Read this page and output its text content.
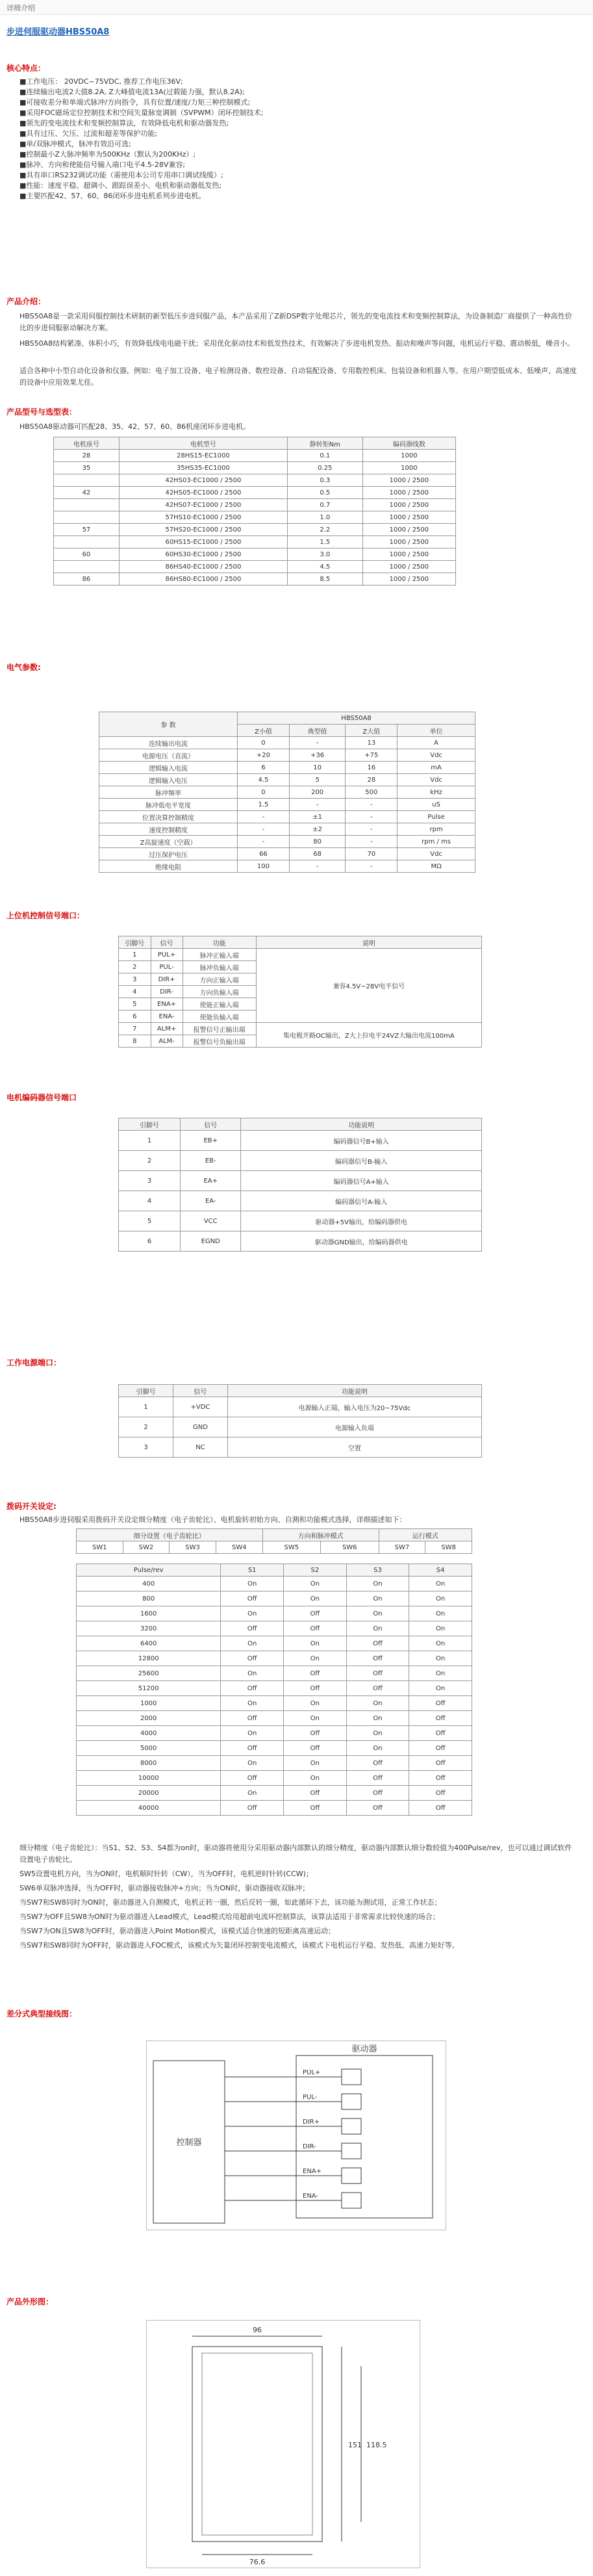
详细介绍
步进伺服驱动器HBS50A8
核心特点：
■工作电压： 20VDC~75VDC, 推荐工作电压36V;
■连续输出电流2大值8.2A, Z大峰值电流13A(过载能力强，默认8.2A);
■可接收差分和单端式脉冲/方向指令，具有位置/速度/力矩三种控制模式;
■采用FOC磁场定位控制技术和空间矢量脉宽调制（SVPWM）闭环控制技术;
■领先的变电流技术和变频控制算法，有效降低电机和驱动器发热;
■具有过压、欠压、过流和超差等保护功能;
■单/双脉冲模式，脉冲有效沿可选;
■控制最小Z大脉冲频率为500KHz（默认为200KHz）;
■脉冲、方向和使能信号输入端口电平4.5-28V兼容;
■具有串口RS232调试功能（需使用本公司专用串口调试线缆）;
■性能：速度平稳、超调小、跟踪误差小、电机和驱动器低发热;
■主要匹配42、57、60、86闭环步进电机系列步进电机。
产品介绍：
HBS50A8是一款采用伺服控制技术研制的新型低压步进伺服产品，本产品采用了Z新DSP数字处理芯片，领先的变电流技术和变频控制算法，为设备制造厂商提供了一种高性价比的步进伺服驱动解决方案。
HBS50A8结构紧凑、体积小巧，有效降低线电电磁干扰；采用优化驱动技术和低发热技术，有效解决了步进电机发热、振动和噪声等问题，电机运行平稳、震动极低，噪音小。
适合各种中小型自动化设备和仪器，例如：电子加工设备、电子检测设备、数控设备、自动装配设备、专用数控机床、包装设备和机器人等。在用户期望低成本、低噪声、高速度的设备中应用效果尤佳。
产品型号与选型表：
HBS50A8驱动器可匹配28、35、42、57、60、86机座闭环步进电机。
电机座号	电机型号	静转矩Nm	编码器线数
28	28HS15-EC1000	0.1	1000
35	35HS35-EC1000	0.25	1000
	42HS03-EC1000 / 2500	0.3	1000 / 2500
42	42HS05-EC1000 / 2500	0.5	1000 / 2500
	42HS07-EC1000 / 2500	0.7	1000 / 2500
	57HS10-EC1000 / 2500	1.0	1000 / 2500
57	57HS20-EC1000 / 2500	2.2	1000 / 2500
	60HS15-EC1000 / 2500	1.5	1000 / 2500
60	60HS30-EC1000 / 2500	3.0	1000 / 2500
	86HS40-EC1000 / 2500	4.5	1000 / 2500
86	86HS80-EC1000 / 2500	8.5	1000 / 2500
电气参数:
参 数	HBS50A8			
	Z小值	典型值	Z大值	单位
连续输出电流	0	-	13	A
电源电压（直流）	+20	+36	+75	Vdc
逻辑输入电流	6	10	16	mA
逻辑输入电压	4.5	5	28	Vdc
脉冲频率	0	200	500	kHz
脉冲低电平宽度	1.5	-	-	uS
位置决算控制精度	-	±1	-	Pulse
速度控制精度	-	±2	-	rpm
Z高旋速度（空载）	-	80	-	rpm / ms
过压保护电压	66	68	70	Vdc
绝缘电阻	100	-	-	MΩ
上位机控制信号端口：
引脚号	信号	功能	说明
1	PUL+	脉冲正输入端	兼容4.5V~28V电平信号
2	PUL-	脉冲负输入端	
3	DIR+	方向正输入端	
4	DIR-	方向负输入端	
5	ENA+	使能正输入端	
6	ENA-	使能负输入端	
7	ALM+	报警信号正输出端	集电极开路OC输出，Z大上拉电平24VZ大输出电流100mA
8	ALM-	报警信号负输出端	
电机编码器信号端口
引脚号	信号	功能说明
1	EB+	编码器信号B+输入
2	EB-	编码器信号B-输入
3	EA+	编码器信号A+输入
4	EA-	编码器信号A-输入
5	VCC	驱动器+5V输出，给编码器供电
6	EGND	驱动器GND输出，给编码器供电
工作电源端口：
引脚号	信号	功能说明
1	+VDC	电源输入正端，输入电压为20~75Vdc
2	GND	电源输入负端
3	NC	空置
拨码开关设定:
HBS50A8步进伺服采用拨码开关设定细分精度（电子齿轮比）、电机旋转初始方向、自测和功能模式选择，详细描述如下：
细分设置（电子齿轮比）				方向和脉冲模式		运行模式	
SW1	SW2	SW3	SW4	SW5	SW6	SW7	SW8
Pulse/rev	S1	S2	S3	S4
400	On	On	On	On
800	Off	On	On	On
1600	On	Off	On	On
3200	Off	Off	On	On
6400	On	On	Off	On
12800	Off	On	Off	On
25600	On	Off	Off	On
51200	Off	Off	Off	On
1000	On	On	On	Off
2000	Off	On	On	Off
4000	On	Off	On	Off
5000	Off	Off	On	Off
8000	On	On	Off	Off
10000	Off	On	Off	Off
20000	On	Off	Off	Off
40000	Off	Off	Off	Off
细分精度（电子齿轮比）：当S1、S2、S3、S4都为on时，驱动器将使用分采用驱动器内部默认的细分精度，驱动器内部默认细分数较值为400Pulse/rev，也可以通过调试软件设置电子齿轮比。
SW5设置电机方向，当为ON时，电机顺时针转（CW），当为OFF时，电机逆时针转(CCW)；
SW6单双脉冲选择，当为OFF时，驱动器接收脉冲+方向；当为ON时，驱动器接收双脉冲；
当SW7和SW8同时为ON时，驱动器进入自测模式，电机正转一圈，然后反转一圈，如此循环下去，该功能为测试用，正常工作状态；
当SW7为OFF且SW8为ON时为驱动器进入Lead模式，Lead模式给用超前电流环控制算法，该算法适用于非常需求比较快速的场合；
当SW7为ON且SW8为OFF时，驱动器进入Point Motion模式，该模式适合快速的短距离高速运动；
当SW7和SW8同时为OFF时，驱动器进入FOC模式，该模式为矢量闭环控制变电流模式，该模式下电机运行平稳、发热低、高速力矩好等。
差分式典型接线图：
控制器
驱动器
PUL+
PUL-
DIR+
DIR-
ENA+
ENA-
产品外形图：
151
96
118.5
76.6
